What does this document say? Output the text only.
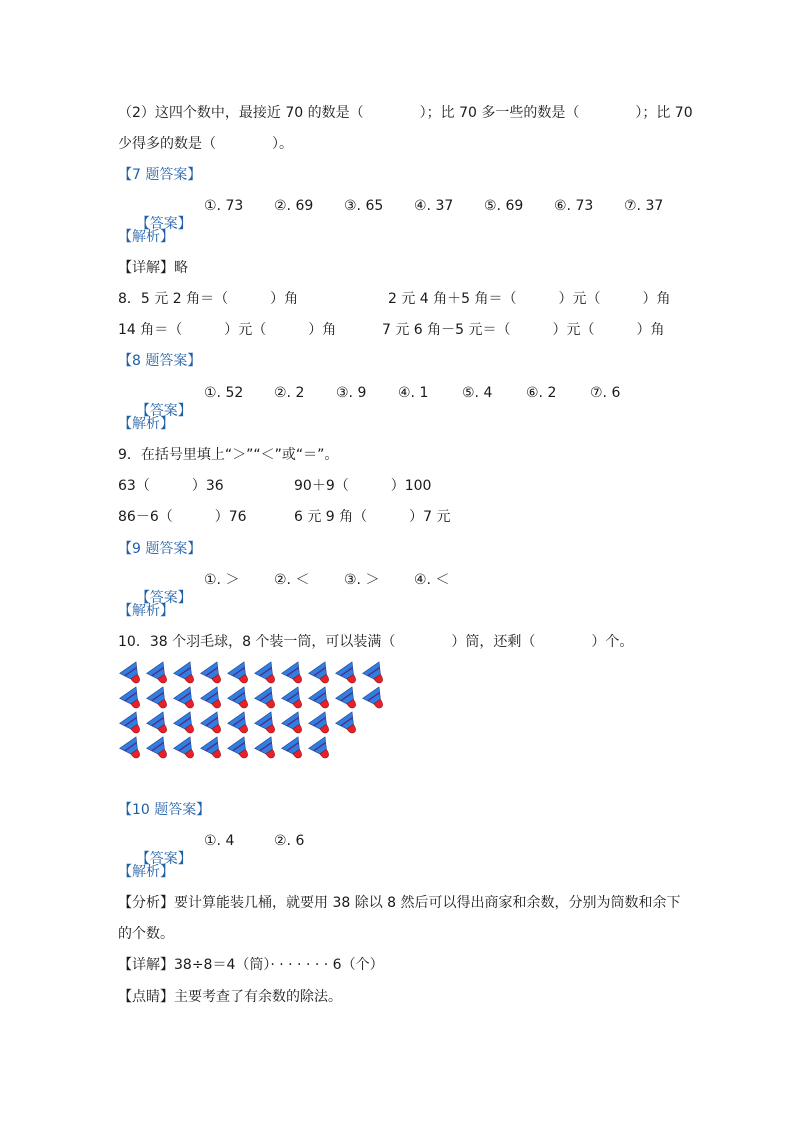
（2）这四个数中，最接近 70 的数是（　　　　）；比 70 多一些的数是（　　　　）；比 70
少得多的数是（　　　　）。
【7 题答案】

【答案】

①. 73 ②. 69 ③. 65 ④. 37 ⑤. 69 ⑥. 73 ⑦. 37
【解析】
【详解】略
8．5 元 2 角＝（　　　）角	2 元 4 角＋5 角＝（　　　）元（　　　）角
14 角＝（　　　）元（　　　）角	7 元 6 角－5 元＝（　　　）元（　　　）角
【8 题答案】

【答案】

①. 52 ②. 2 ③. 9 ④. 1 ⑤. 4 ⑥. 2 ⑦. 6
【解析】
9．在括号里填上“＞”“＜”或“＝”。
63（　　　）36	90＋9（　　　）100
86－6（　　　）76	6 元 9 角（　　　）7 元
【9 题答案】

【答案】

①. ＞ ②. ＜ ③. ＞ ④. ＜
【解析】
10．38 个羽毛球，8 个装一筒，可以装满（　　　　）筒，还剩（　　　　）个。
【10 题答案】

【答案】

①. 4	②. 6
【解析】
【分析】要计算能装几桶，就要用 38 除以 8 然后可以得出商家和余数，分别为筒数和余下
的个数。
【详解】38÷8＝4（筒）· · · · · · · 6（个）
【点睛】主要考查了有余数的除法。
